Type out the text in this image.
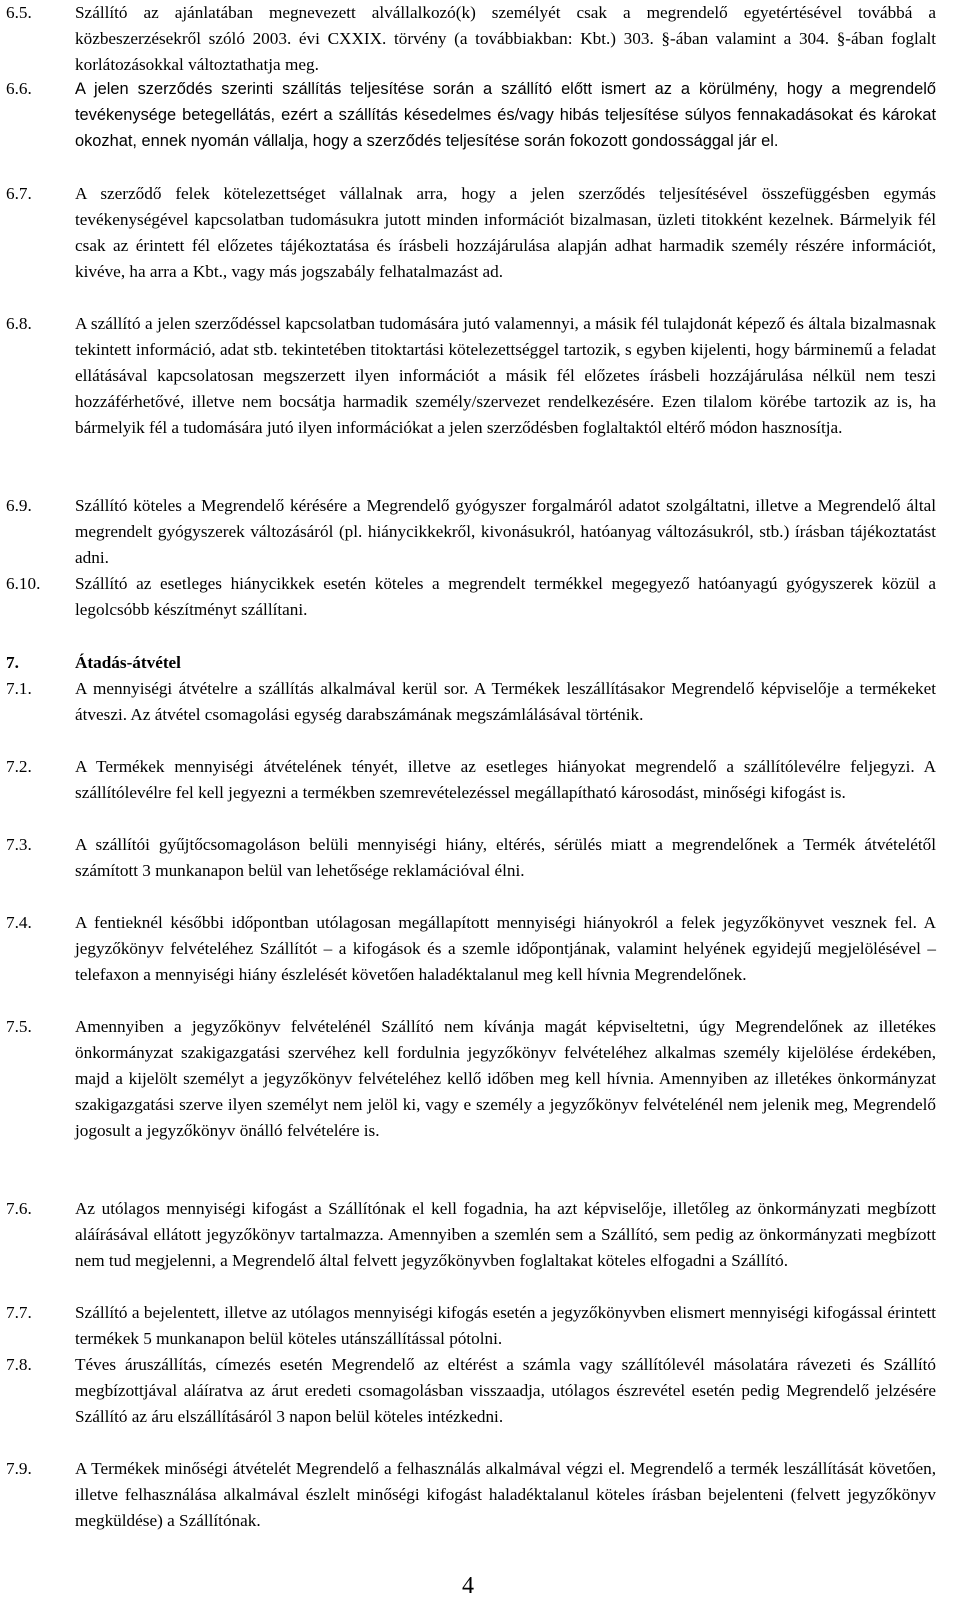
6.5.	Szállító az ajánlatában megnevezett alvállalkozó(k) személyét csak a megrendelő egyetértésével továbbá a közbeszerzésekről szóló 2003. évi CXXIX. törvény (a továbbiakban: Kbt.) 303. §-ában valamint a 304. §-ában foglalt korlátozásokkal változtathatja meg.
6.6.	A jelen szerződés szerinti szállítás teljesítése során a szállító előtt ismert az a körülmény, hogy a megrendelő tevékenysége betegellátás, ezért a szállítás késedelmes és/vagy hibás teljesítése súlyos fennakadásokat és károkat okozhat, ennek nyomán vállalja, hogy a szerződés teljesítése során fokozott gondossággal jár el.
6.7.	A szerződő felek kötelezettséget vállalnak arra, hogy a jelen szerződés teljesítésével összefüggésben egymás tevékenységével kapcsolatban tudomásukra jutott minden információt bizalmasan, üzleti titokként kezelnek. Bármelyik fél csak az érintett fél előzetes tájékoztatása és írásbeli hozzájárulása alapján adhat harmadik személy részére információt, kivéve, ha arra a Kbt., vagy más jogszabály felhatalmazást ad.
6.8.	A szállító a jelen szerződéssel kapcsolatban tudomására jutó valamennyi, a másik fél tulajdonát képező és általa bizalmasnak tekintett információ, adat stb. tekintetében titoktartási kötelezettséggel tartozik, s egyben kijelenti, hogy bárminemű a feladat ellátásával kapcsolatosan megszerzett ilyen információt a másik fél előzetes írásbeli hozzájárulása nélkül nem teszi hozzáférhetővé, illetve nem bocsátja harmadik személy/szervezet rendelkezésére. Ezen tilalom körébe tartozik az is, ha bármelyik fél a tudomására jutó ilyen információkat a jelen szerződésben foglaltaktól eltérő módon hasznosítja.
6.9.	Szállító köteles a Megrendelő kérésére a Megrendelő gyógyszer forgalmáról adatot szolgáltatni, illetve a Megrendelő által megrendelt gyógyszerek változásáról (pl. hiánycikkekről, kivonásukról, hatóanyag változásukról, stb.) írásban tájékoztatást adni.
6.10.	Szállító az esetleges hiánycikkek esetén köteles a megrendelt termékkel megegyező hatóanyagú gyógyszerek közül a legolcsóbb készítményt szállítani.
7.	Átadás-átvétel
7.1.	A mennyiségi átvételre a szállítás alkalmával kerül sor. A Termékek leszállításakor Megrendelő képviselője a termékeket átveszi. Az átvétel csomagolási egység darabszámának megszámlálásával történik.
7.2.	A Termékek mennyiségi átvételének tényét, illetve az esetleges hiányokat megrendelő a szállítólevélre feljegyzi. A szállítólevélre fel kell jegyezni a termékben szemrevételezéssel megállapítható károsodást, minőségi kifogást is.
7.3.	A szállítói gyűjtőcsomagoláson belüli mennyiségi hiány, eltérés, sérülés miatt a megrendelőnek a Termék átvételétől számított 3 munkanapon belül van lehetősége reklamációval élni.
7.4.	A fentieknél későbbi időpontban utólagosan megállapított mennyiségi hiányokról a felek jegyzőkönyvet vesznek fel. A jegyzőkönyv felvételéhez Szállítót – a kifogások és a szemle időpontjának, valamint helyének egyidejű megjelölésével – telefaxon a mennyiségi hiány észlelését követően haladéktalanul meg kell hívnia Megrendelőnek.
7.5.	Amennyiben a jegyzőkönyv felvételénél Szállító nem kívánja magát képviseltetni, úgy Megrendelőnek az illetékes önkormányzat szakigazgatási szervéhez kell fordulnia jegyzőkönyv felvételéhez alkalmas személy kijelölése érdekében, majd a kijelölt személyt a jegyzőkönyv felvételéhez kellő időben meg kell hívnia. Amennyiben az illetékes önkormányzat szakigazgatási szerve ilyen személyt nem jelöl ki, vagy e személy a jegyzőkönyv felvételénél nem jelenik meg, Megrendelő jogosult a jegyzőkönyv önálló felvételére is.
7.6.	Az utólagos mennyiségi kifogást a Szállítónak el kell fogadnia, ha azt képviselője, illetőleg az önkormányzati megbízott aláírásával ellátott jegyzőkönyv tartalmazza. Amennyiben a szemlén sem a Szállító, sem pedig az önkormányzati megbízott nem tud megjelenni, a Megrendelő által felvett jegyzőkönyvben foglaltakat köteles elfogadni a Szállító.
7.7.	Szállító a bejelentett, illetve az utólagos mennyiségi kifogás esetén a jegyzőkönyvben elismert mennyiségi kifogással érintett termékek 5 munkanapon belül köteles utánszállítással pótolni.
7.8.	Téves áruszállítás, címezés esetén Megrendelő az eltérést a számla vagy szállítólevél másolatára rávezeti és Szállító megbízottjával aláíratva az árut eredeti csomagolásban visszaadja, utólagos észrevétel esetén pedig Megrendelő jelzésére Szállító az áru elszállításáról 3 napon belül köteles intézkedni.
7.9.	A Termékek minőségi átvételét Megrendelő a felhasználás alkalmával végzi el. Megrendelő a termék leszállítását követően, illetve felhasználása alkalmával észlelt minőségi kifogást haladéktalanul köteles írásban bejelenteni (felvett jegyzőkönyv megküldése) a Szállítónak.
4
